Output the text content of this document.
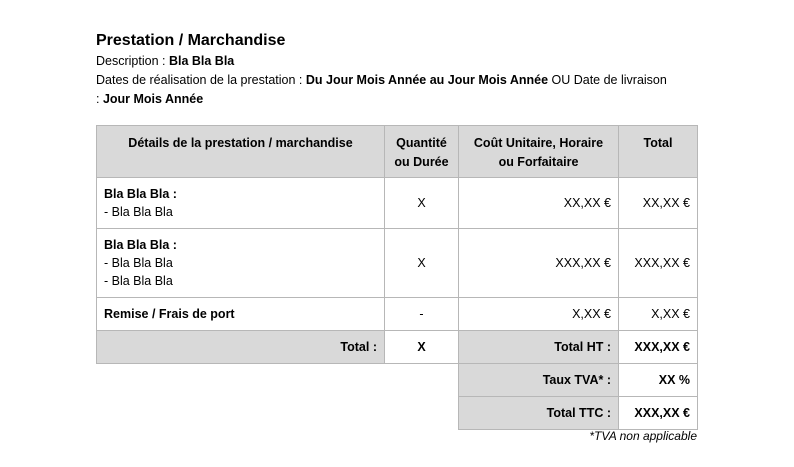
Prestation / Marchandise
Description : Bla Bla Bla
Dates de réalisation de la prestation : Du Jour Mois Année au Jour Mois Année OU Date de livraison
: Jour Mois Année
Détails de la prestation / marchandise	Quantité ou Durée	Coût Unitaire, Horaire ou Forfaitaire	Total

Bla Bla Bla :
- Bla Bla Bla	X	XX,XX €	XX,XX €

Bla Bla Bla :
- Bla Bla Bla
- Bla Bla Bla	X	XXX,XX €	XXX,XX €
Remise / Frais de port	-	X,XX €	X,XX €
Total :	X	Total HT :	XXX,XX €
		Taux TVA* :	XX %
		Total TTC :	XXX,XX €
*TVA non applicable
